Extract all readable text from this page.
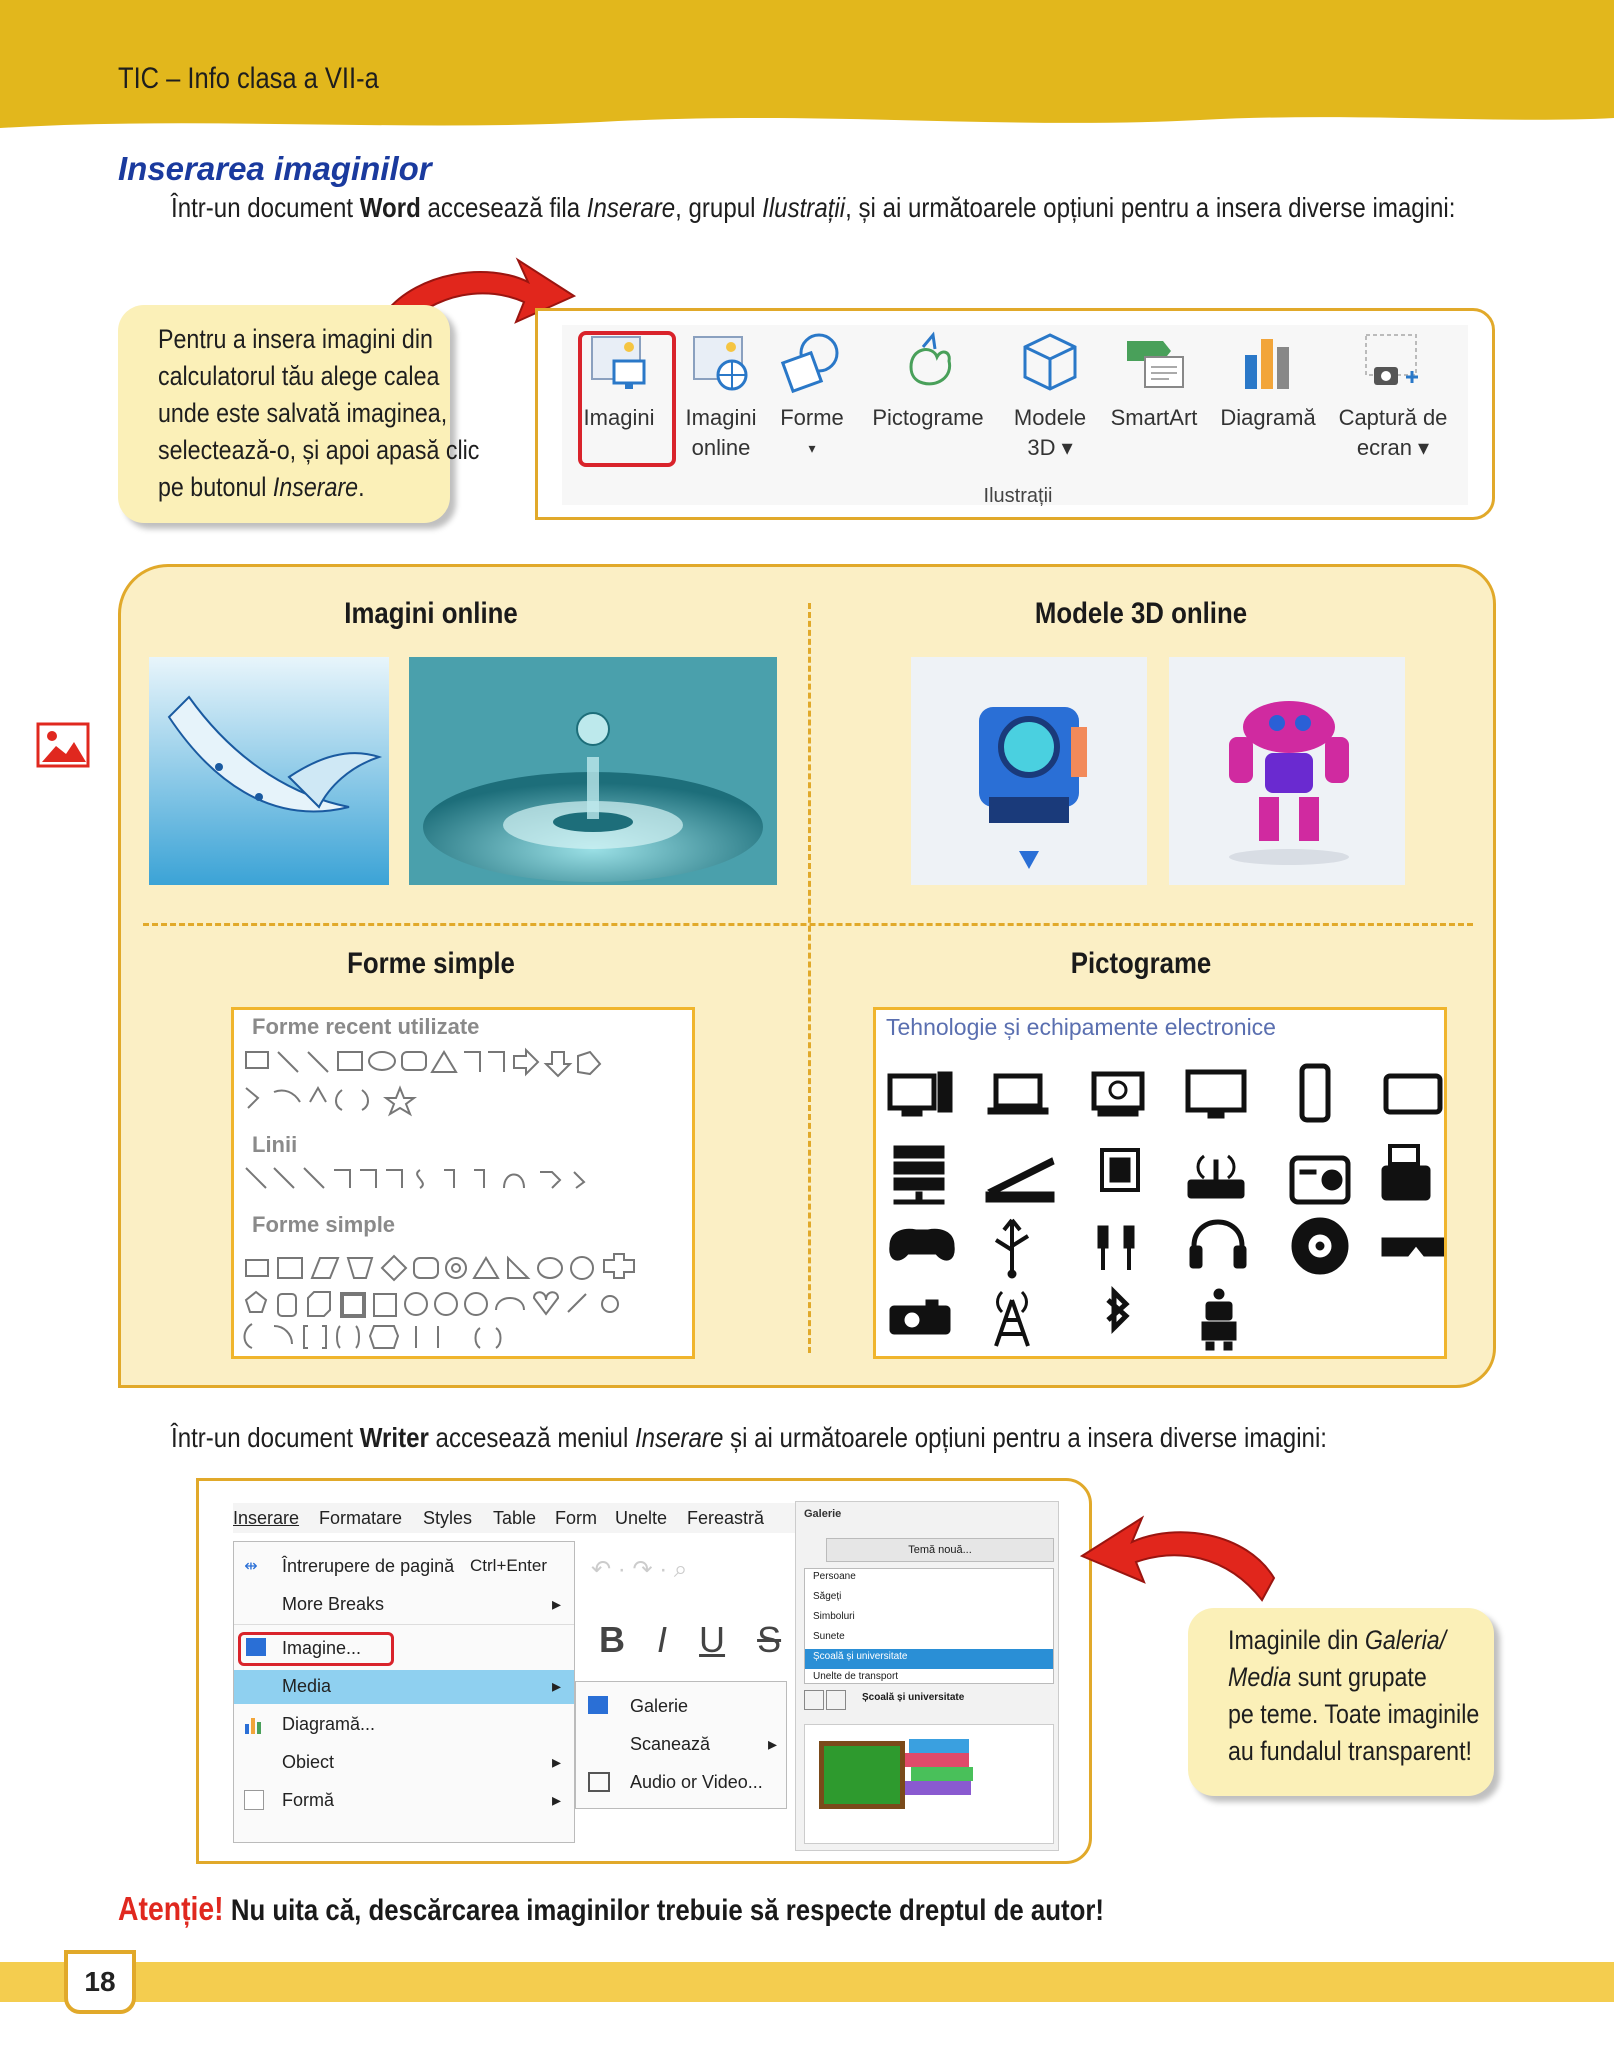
TIC – Info clasa a VII-a
Inserarea imaginilor
Într-un document Word accesează fila Inserare, grupul Ilustrații, și ai următoarele opțiuni pentru a insera diverse imagini:
Pentru a insera imagini din
calculatorul tău alege calea
unde este salvată imaginea,
selectează-o, și apoi apasă clic
pe butonul Inserare.
Imagini	Imagini
online
Forme
▾
Pictograme	Modele
3D ▾
SmartArt	Diagramă	Captură de
ecran ▾
Ilustrații
Imagini online	Modele 3D online
Forme simple	Pictograme
Forme recent utilizate
Linii
Forme simple
Tehnologie și echipamente electronice
Într-un document Writer accesează meniul Inserare și ai următoarele opțiuni pentru a insera diverse imagini:
Inserare Formatare Styles Table Form Unelte Fereastră
⇹	Întrerupere de pagină Ctrl+Enter
More Breaks	▸
Imagine...
Media	▸
Diagramă...
Obiect	▸
Formă	▸
↶ · ↷ · ⌕
B I U S
Galerie
Scanează	▸
Audio or Video...
Galerie
Temă nouă...
Persoane
Săgeți
Simboluri
Sunete
Școală și universitate
Unelte de transport
Școală și universitate
Imaginile din Galeria/
Media sunt grupate
pe teme. Toate imaginile
au fundalul transparent!
Atenție! Nu uita că, descărcarea imaginilor trebuie să respecte dreptul de autor!
18
